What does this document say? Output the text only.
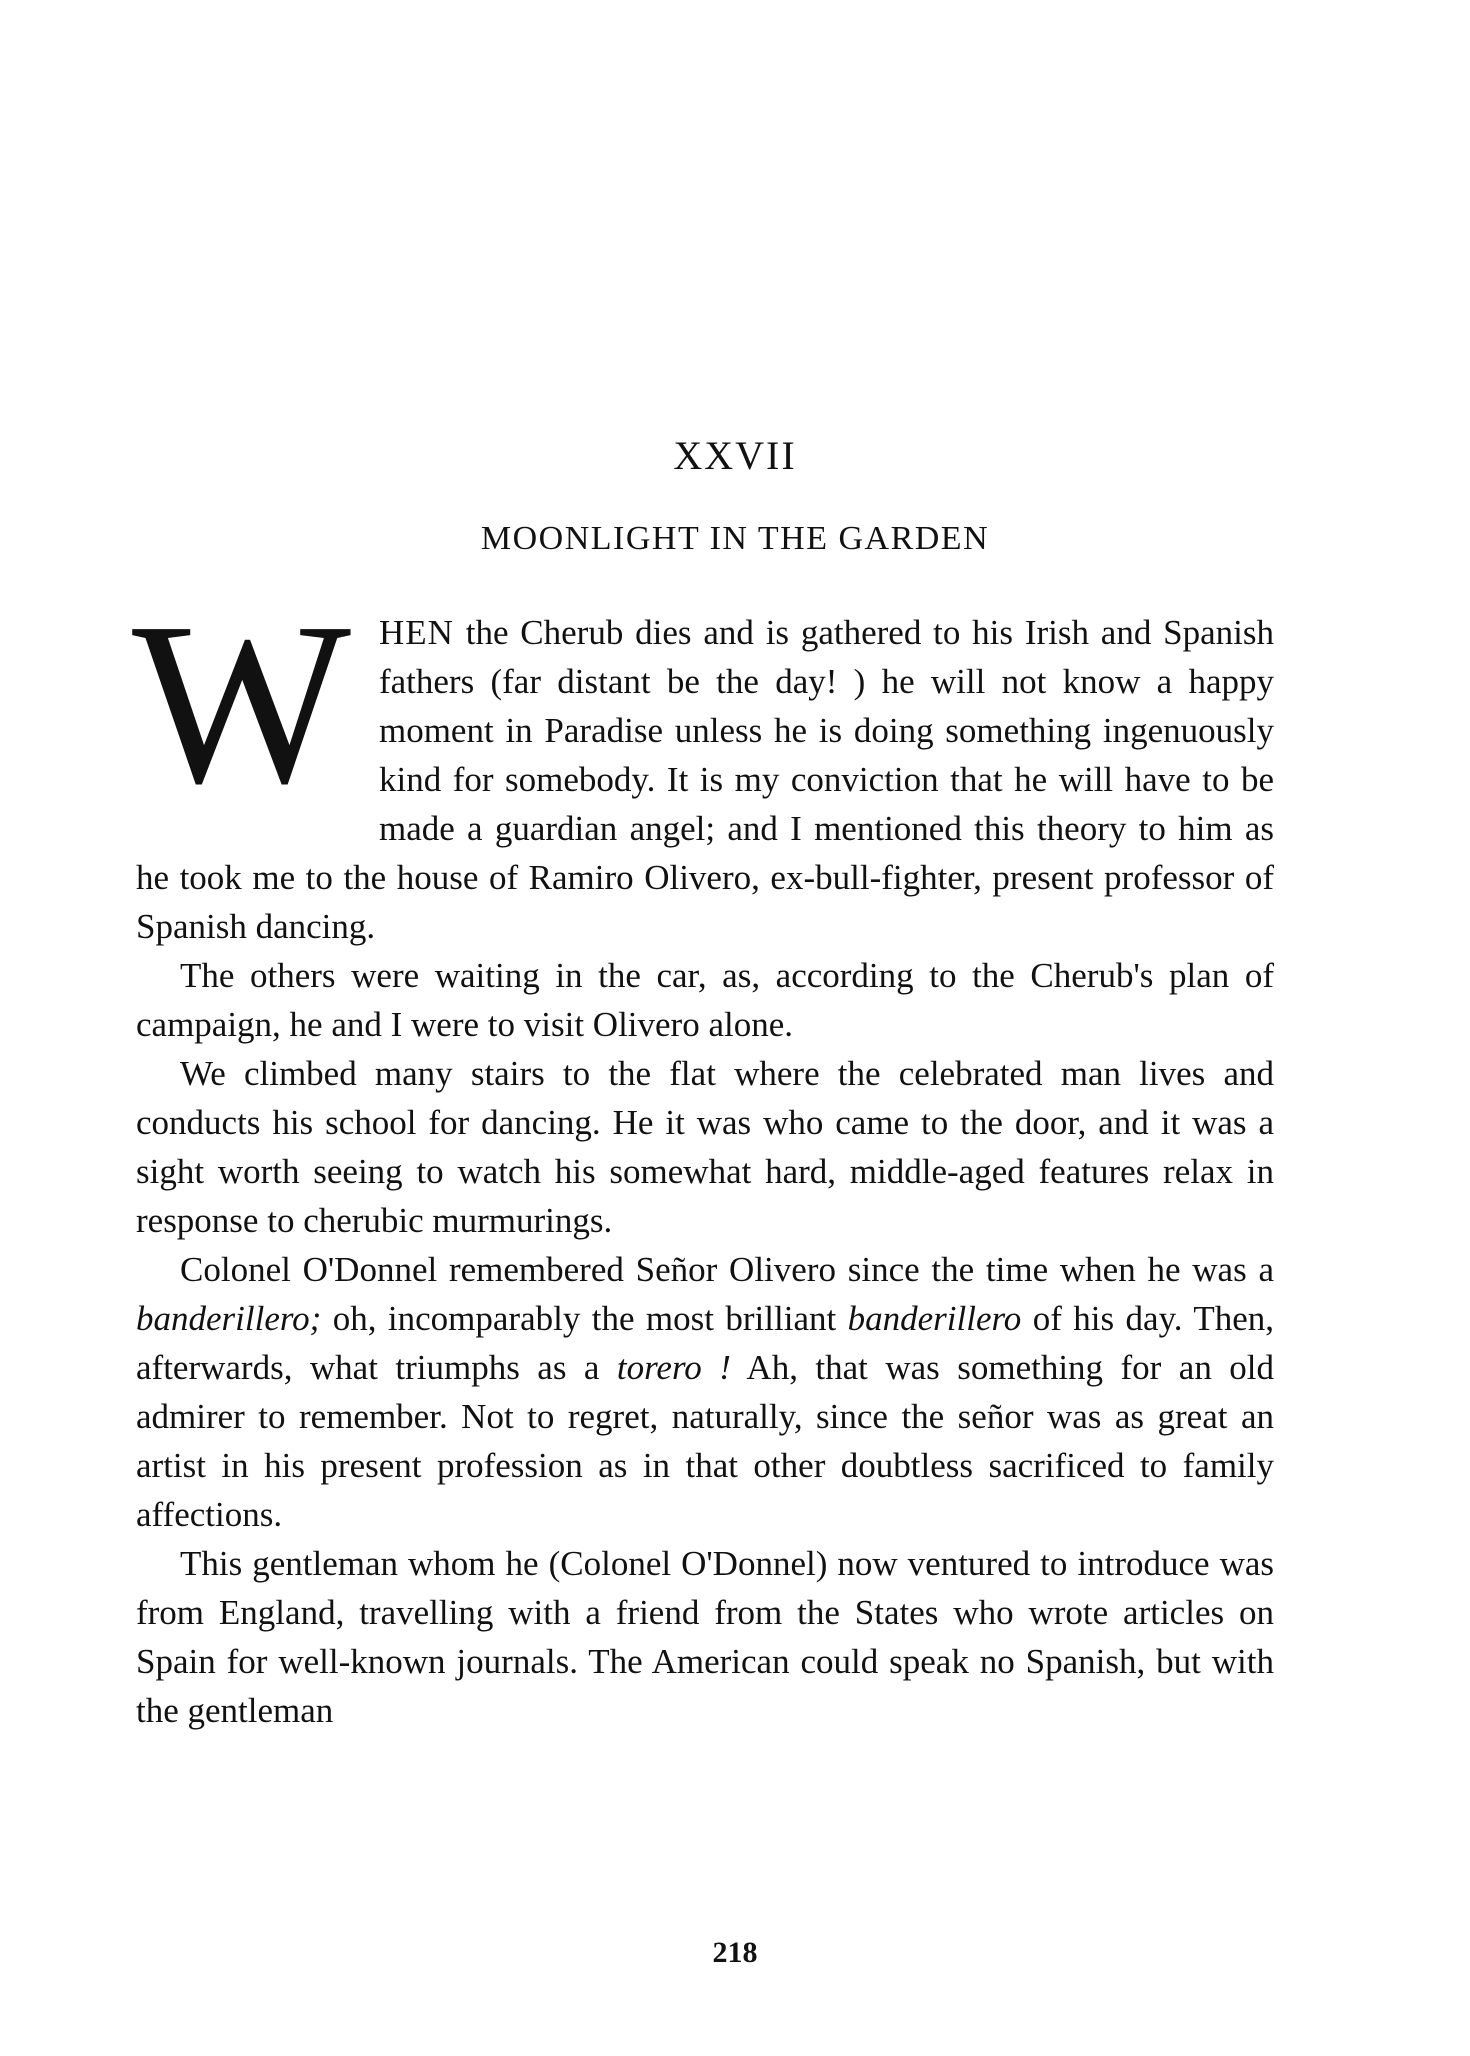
XXVII
MOONLIGHT IN THE GARDEN

WHEN the Cherub dies and is gathered to his Irish and Spanish fathers (far distant be the day! ) he will not know a happy moment in Paradise unless he is doing something ingenuously kind for somebody. It is my conviction that he will have to be made a guardian angel; and I mentioned this theory to him as he took me to the house of Ramiro Olivero, ex-bull-fighter, present professor of Spanish dancing.

The others were waiting in the car, as, according to the Cherub's plan of campaign, he and I were to visit Olivero alone.

We climbed many stairs to the flat where the celebrated man lives and conducts his school for dancing. He it was who came to the door, and it was a sight worth seeing to watch his somewhat hard, middle-aged features relax in response to cherubic murmurings.

Colonel O'Donnel remembered Señor Olivero since the time when he was a banderillero; oh, incomparably the most brilliant banderillero of his day. Then, afterwards, what triumphs as a torero ! Ah, that was something for an old admirer to remember. Not to regret, naturally, since the señor was as great an artist in his present profession as in that other doubtless sacrificed to family affections.

This gentleman whom he (Colonel O'Donnel) now ventured to introduce was from England, travelling with a friend from the States who wrote articles on Spain for well-known journals. The American could speak no Spanish, but with the gentleman

218
